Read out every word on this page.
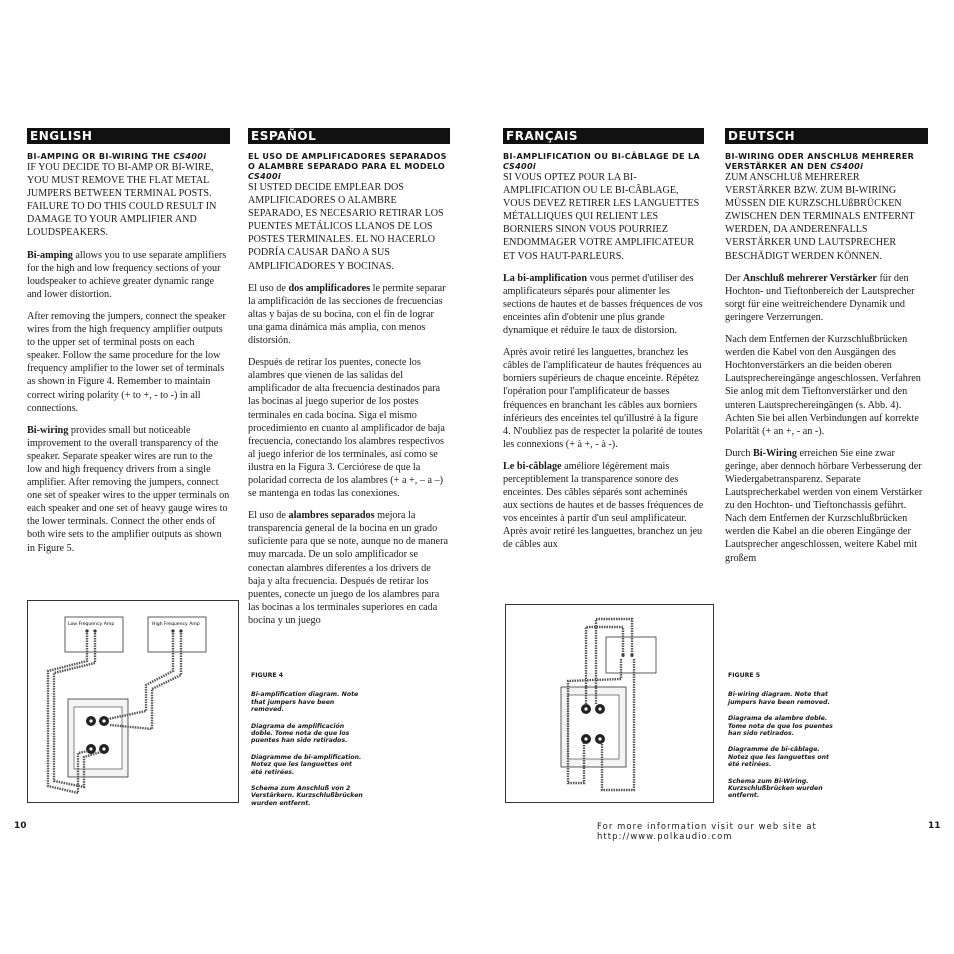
ENGLISH
BI-AMPING OR BI-WIRING THE CS400i

IF YOU DECIDE TO BI-AMP OR BI-WIRE, YOU MUST REMOVE THE FLAT METAL JUMPERS BETWEEN TERMINAL POSTS. FAILURE TO DO THIS COULD RESULT IN DAMAGE TO YOUR AMPLIFIER AND LOUDSPEAKERS.

Bi-amping allows you to use separate amplifiers for the high and low frequency sections of your loudspeaker to achieve greater dynamic range and lower distortion.

After removing the jumpers, connect the speaker wires from the high frequency amplifier outputs to the upper set of terminal posts on each speaker. Follow the same procedure for the low frequency amplifier to the lower set of terminals as shown in Figure 4. Remember to maintain correct wiring polarity (+ to +, - to -) in all connections.

Bi-wiring provides small but noticeable improvement to the overall transparency of the speaker. Separate speaker wires are run to the low and high frequency drivers from a single amplifier. After removing the jumpers, connect one set of speaker wires to the upper terminals on each speaker and one set of heavy gauge wires to the lower terminals. Connect the other ends of both wire sets to the amplifier outputs as shown in Figure 5.

ESPAÑOL
EL USO DE AMPLIFICADORES SEPARADOS O ALAMBRE SEPARADO PARA EL MODELO CS400i

SI USTED DECIDE EMPLEAR DOS AMPLIFICADORES O ALAMBRE SEPARADO, ES NECESARIO RETIRAR LOS PUENTES METÁLICOS LLANOS DE LOS POSTES TERMINALES. EL NO HACERLO PODRÍA CAUSAR DAÑO A SUS AMPLIFICADORES Y BOCINAS.

El uso de dos amplificadores le permite separar la amplificación de las secciones de frecuencias altas y bajas de su bocina, con el fin de lograr una gama dinámica más amplia, con menos distorsión.

Después de retirar los puentes, conecte los alambres que vienen de las salidas del amplificador de alta frecuencia destinados para las bocinas al juego superior de los postes terminales en cada bocina. Siga el mismo procedimiento en cuanto al amplificador de baja frecuencia, conectando los alambres respectivos al juego inferior de los terminales, así como se ilustra en la Figura 3. Cerciórese de que la polaridad correcta de los alambres (+ a +, – a –) se mantenga en todas las conexiones.

El uso de alambres separados mejora la transparencia general de la bocina en un grado suficiente para que se note, aunque no de manera muy marcada. De un solo amplificador se conectan alambres diferentes a los drivers de baja y alta frecuencia. Después de retirar los puentes, conecte un juego de los alambres para las bocinas a los terminales superiores en cada bocina y un juego

FRANÇAIS
BI-AMPLIFICATION OU BI-CÂBLAGE DE LA CS400i

SI VOUS OPTEZ POUR LA BI-AMPLIFICATION OU LE BI-CÂBLAGE, VOUS DEVEZ RETIRER LES LANGUETTES MÉTALLIQUES QUI RELIENT LES BORNIERS SINON VOUS POURRIEZ ENDOMMAGER VOTRE AMPLIFICATEUR ET VOS HAUT-PARLEURS.

La bi-amplification vous permet d'utiliser des amplificateurs séparés pour alimenter les sections de hautes et de basses fréquences de vos enceintes afin d'obtenir une plus grande dynamique et réduire le taux de distorsion.

Après avoir retiré les languettes, branchez les câbles de l'amplificateur de hautes fréquences au borniers supérieurs de chaque enceinte. Répétez l'opération pour l'amplificateur de basses fréquences en branchant les câbles aux borniers inférieurs des enceintes tel qu'illustré à la figure 4. N'oubliez pas de respecter la polarité de toutes les connexions (+ à +, - à -).

Le bi-câblage améliore légèrement mais perceptiblement la transparence sonore des enceintes. Des câbles séparés sont acheminés aux sections de hautes et de basses fréquences de vos enceintes à partir d'un seul amplificateur. Après avoir retiré les languettes, branchez un jeu de câbles aux

DEUTSCH
BI-WIRING ODER ANSCHLUß MEHRERER VERSTÄRKER AN DEN CS400i

ZUM ANSCHLUß MEHRERER VERSTÄRKER BZW. ZUM BI-WIRING MÜSSEN DIE KURZSCHLUßBRÜCKEN ZWISCHEN DEN TERMINALS ENTFERNT WERDEN, DA ANDERENFALLS VERSTÄRKER UND LAUTSPRECHER BESCHÄDIGT WERDEN KÖNNEN.

Der Anschluß mehrerer Verstärker für den Hochton- und Tieftonbereich der Lautsprecher sorgt für eine weitreichendere Dynamik und geringere Verzerrungen.

Nach dem Entfernen der Kurzschlußbrücken werden die Kabel von den Ausgängen des Hochtonverstärkers an die beiden oberen Lautsprechereingänge angeschlossen. Verfahren Sie anlog mit dem Tieftonverstärker und den unteren Lautsprechereingängen (s. Abb. 4). Achten Sie bei allen Verbindungen auf korrekte Polarität (+ an +, - an -).

Durch Bi-Wiring erreichen Sie eine zwar geringe, aber dennoch hörbare Verbesserung der Wiedergabetransparenz. Separate Lautsprecherkabel werden von einem Verstärker zu den Hochton- und Tieftonchassis geführt. Nach dem Entfernen der Kurzschlußbrücken werden die Kabel an die oberen Eingänge der Lautsprecher angeschlossen, weitere Kabel mit großem

Low Frequency Amp	High Frequency Amp
FIGURE 4
Bi-amplification diagram. Note that jumpers have been removed.
Diagrama de amplificación doble. Tome nota de que los puentes han sido retirados.
Diagramme de bi-amplification. Notez que les languettes ont été retirées.
Schema zum Anschluß von 2 Verstärkern. Kurzschlußbrücken wurden entfernt.
FIGURE 5
Bi-wiring diagram. Note that jumpers have been removed.
Diagrama de alambre doble. Tome nota de que los puentes han sido retirados.
Diagramme de bi-câblage. Notez que les languettes ont été retirées.
Schema zum Bi-Wiring. Kurzschlußbrücken wurden entfernt.
10	For more information visit our web site at http://www.polkaudio.com
11
